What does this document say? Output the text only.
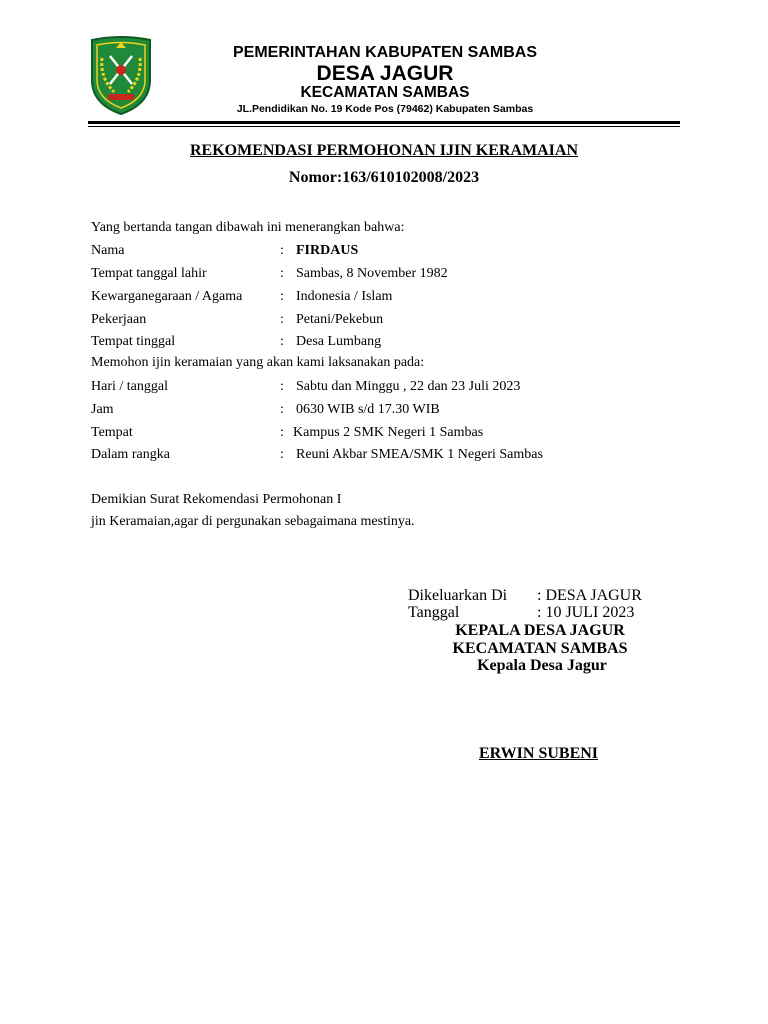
PEMERINTAHAN KABUPATEN SAMBAS
DESA JAGUR
KECAMATAN SAMBAS
JL.Pendidikan No. 19 Kode Pos (79462) Kabupaten Sambas
REKOMENDASI PERMOHONAN IJIN KERAMAIAN
Nomor:163/610102008/2023
Yang bertanda tangan dibawah ini menerangkan bahwa:
Nama	: FIRDAUS
Tempat tanggal lahir	: Sambas, 8 November 1982
Kewarganegaraan / Agama	: Indonesia / Islam
Pekerjaan	: Petani/Pekebun
Tempat tinggal	: Desa Lumbang
Memohon ijin keramaian yang akan kami laksanakan pada:
Hari / tanggal	: Sabtu dan Minggu , 22 dan 23 Juli 2023
Jam	: 0630 WIB s/d 17.30 WIB
Tempat	: Kampus 2 SMK Negeri 1 Sambas
Dalam rangka	: Reuni Akbar SMEA/SMK 1 Negeri Sambas
Demikian Surat Rekomendasi Permohonan I
jin Keramaian,agar di pergunakan sebagaimana mestinya.
Dikeluarkan Di : DESA JAGUR
Tanggal	: 10 JULI 2023
KEPALA DESA JAGUR
KECAMATAN SAMBAS
Kepala Desa Jagur
ERWIN SUBENI
